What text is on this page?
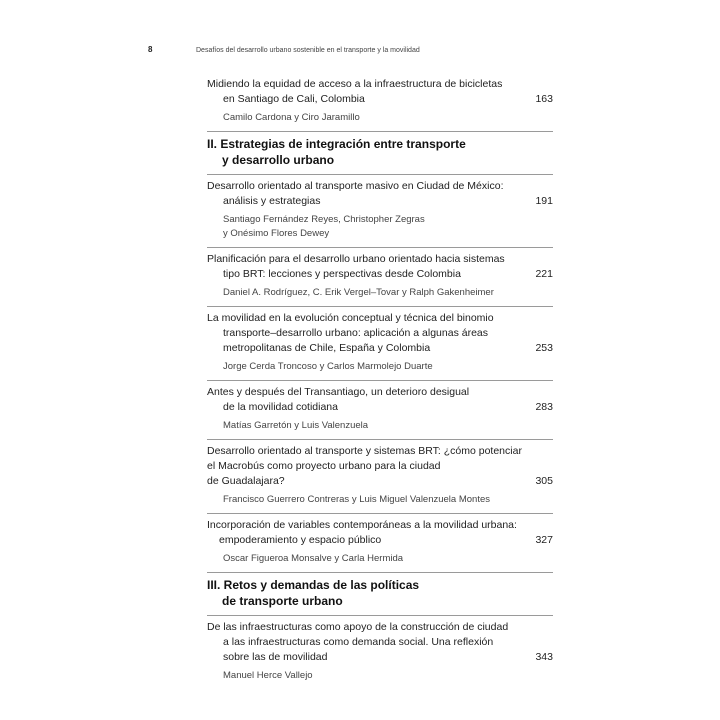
8	Desafíos del desarrollo urbano sostenible en el transporte y la movilidad
Midiendo la equidad de acceso a la infraestructura de bicicletas
en Santiago de Cali, Colombia	163
Camilo Cardona y Ciro Jaramillo
II. Estrategias de integración entre transporte
y desarrollo urbano
Desarrollo orientado al transporte masivo en Ciudad de México:
análisis y estrategias	191
Santiago Fernández Reyes, Christopher Zegras
y Onésimo Flores Dewey
Planificación para el desarrollo urbano orientado hacia sistemas
tipo BRT: lecciones y perspectivas desde Colombia	221
Daniel A. Rodríguez, C. Erik Vergel–Tovar y Ralph Gakenheimer
La movilidad en la evolución conceptual y técnica del binomio
transporte–desarrollo urbano: aplicación a algunas áreas
metropolitanas de Chile, España y Colombia	253
Jorge Cerda Troncoso y Carlos Marmolejo Duarte
Antes y después del Transantiago, un deterioro desigual
de la movilidad cotidiana	283
Matías Garretón y Luis Valenzuela
Desarrollo orientado al transporte y sistemas BRT: ¿cómo potenciar
el Macrobús como proyecto urbano para la ciudad
de Guadalajara?	305
Francisco Guerrero Contreras y Luis Miguel Valenzuela Montes
Incorporación de variables contemporáneas a la movilidad urbana:
empoderamiento y espacio público	327
Oscar Figueroa Monsalve y Carla Hermida
III. Retos y demandas de las políticas
de transporte urbano
De las infraestructuras como apoyo de la construcción de ciudad
a las infraestructuras como demanda social. Una reflexión
sobre las de movilidad	343
Manuel Herce Vallejo
